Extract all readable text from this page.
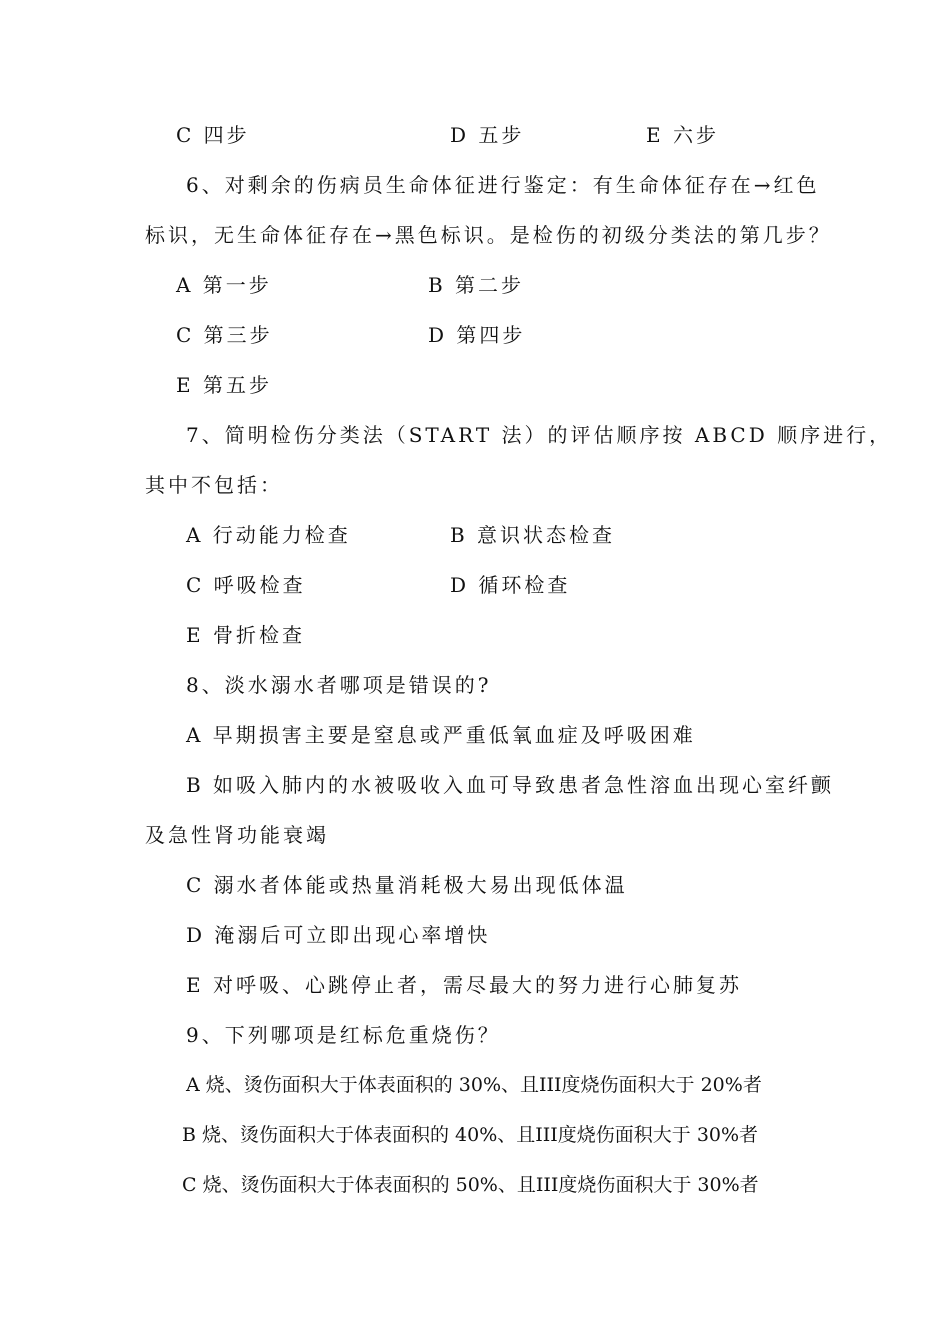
C 四步	D 五步	E 六步
6、对剩余的伤病员生命体征进行鉴定：有生命体征存在→红色
标识，无生命体征存在→黑色标识。是检伤的初级分类法的第几步？
A 第一步	B 第二步
C 第三步	D 第四步
E 第五步
7、简明检伤分类法（START 法）的评估顺序按 ABCD 顺序进行，
其中不包括：
A 行动能力检查	B 意识状态检查
C 呼吸检查	D 循环检查
E 骨折检查
8、淡水溺水者哪项是错误的?
A 早期损害主要是窒息或严重低氧血症及呼吸困难
B 如吸入肺内的水被吸收入血可导致患者急性溶血出现心室纤颤
及急性肾功能衰竭
C 溺水者体能或热量消耗极大易出现低体温
D 淹溺后可立即出现心率增快
E 对呼吸、心跳停止者，需尽最大的努力进行心肺复苏
9、下列哪项是红标危重烧伤？
A 烧、烫伤面积大于体表面积的 30%、且III度烧伤面积大于 20%者
B 烧、烫伤面积大于体表面积的 40%、且III度烧伤面积大于 30%者
C 烧、烫伤面积大于体表面积的 50%、且III度烧伤面积大于 30%者
